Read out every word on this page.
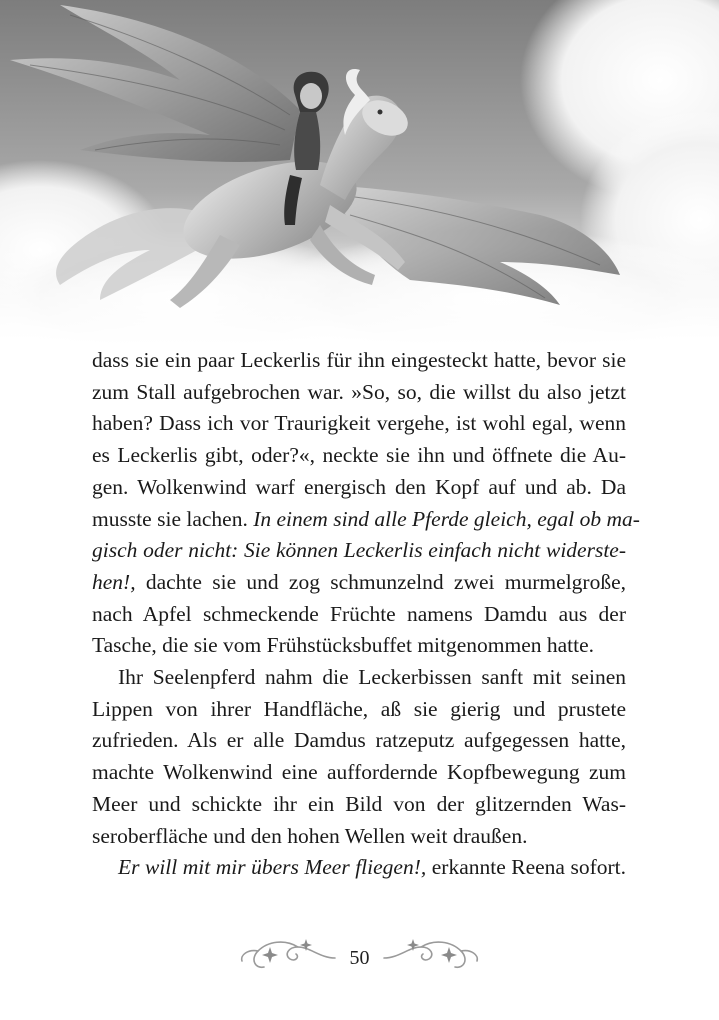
dass sie ein paar Leckerlis für ihn eingesteckt hatte, bevor sie
zum Stall aufgebrochen war. »So, so, die willst du also jetzt
haben? Dass ich vor Traurigkeit vergehe, ist wohl egal, wenn
es Leckerlis gibt, oder?«, neckte sie ihn und öffnete die Au-
gen. Wolkenwind warf energisch den Kopf auf und ab. Da
musste sie lachen. In einem sind alle Pferde gleich, egal ob ma-
gisch oder nicht: Sie können Leckerlis einfach nicht widerste-
hen!, dachte sie und zog schmunzelnd zwei murmelgroße,
nach Apfel schmeckende Früchte namens Damdu aus der
Tasche, die sie vom Frühstücksbuffet mitgenommen hatte.
Ihr Seelenpferd nahm die Leckerbissen sanft mit seinen
Lippen von ihrer Handfläche, aß sie gierig und prustete
zufrieden. Als er alle Damdus ratzeputz aufgegessen hatte,
machte Wolkenwind eine auffordernde Kopfbewegung zum
Meer und schickte ihr ein Bild von der glitzernden Was-
seroberfläche und den hohen Wellen weit draußen.
Er will mit mir übers Meer fliegen!, erkannte Reena sofort.
50
